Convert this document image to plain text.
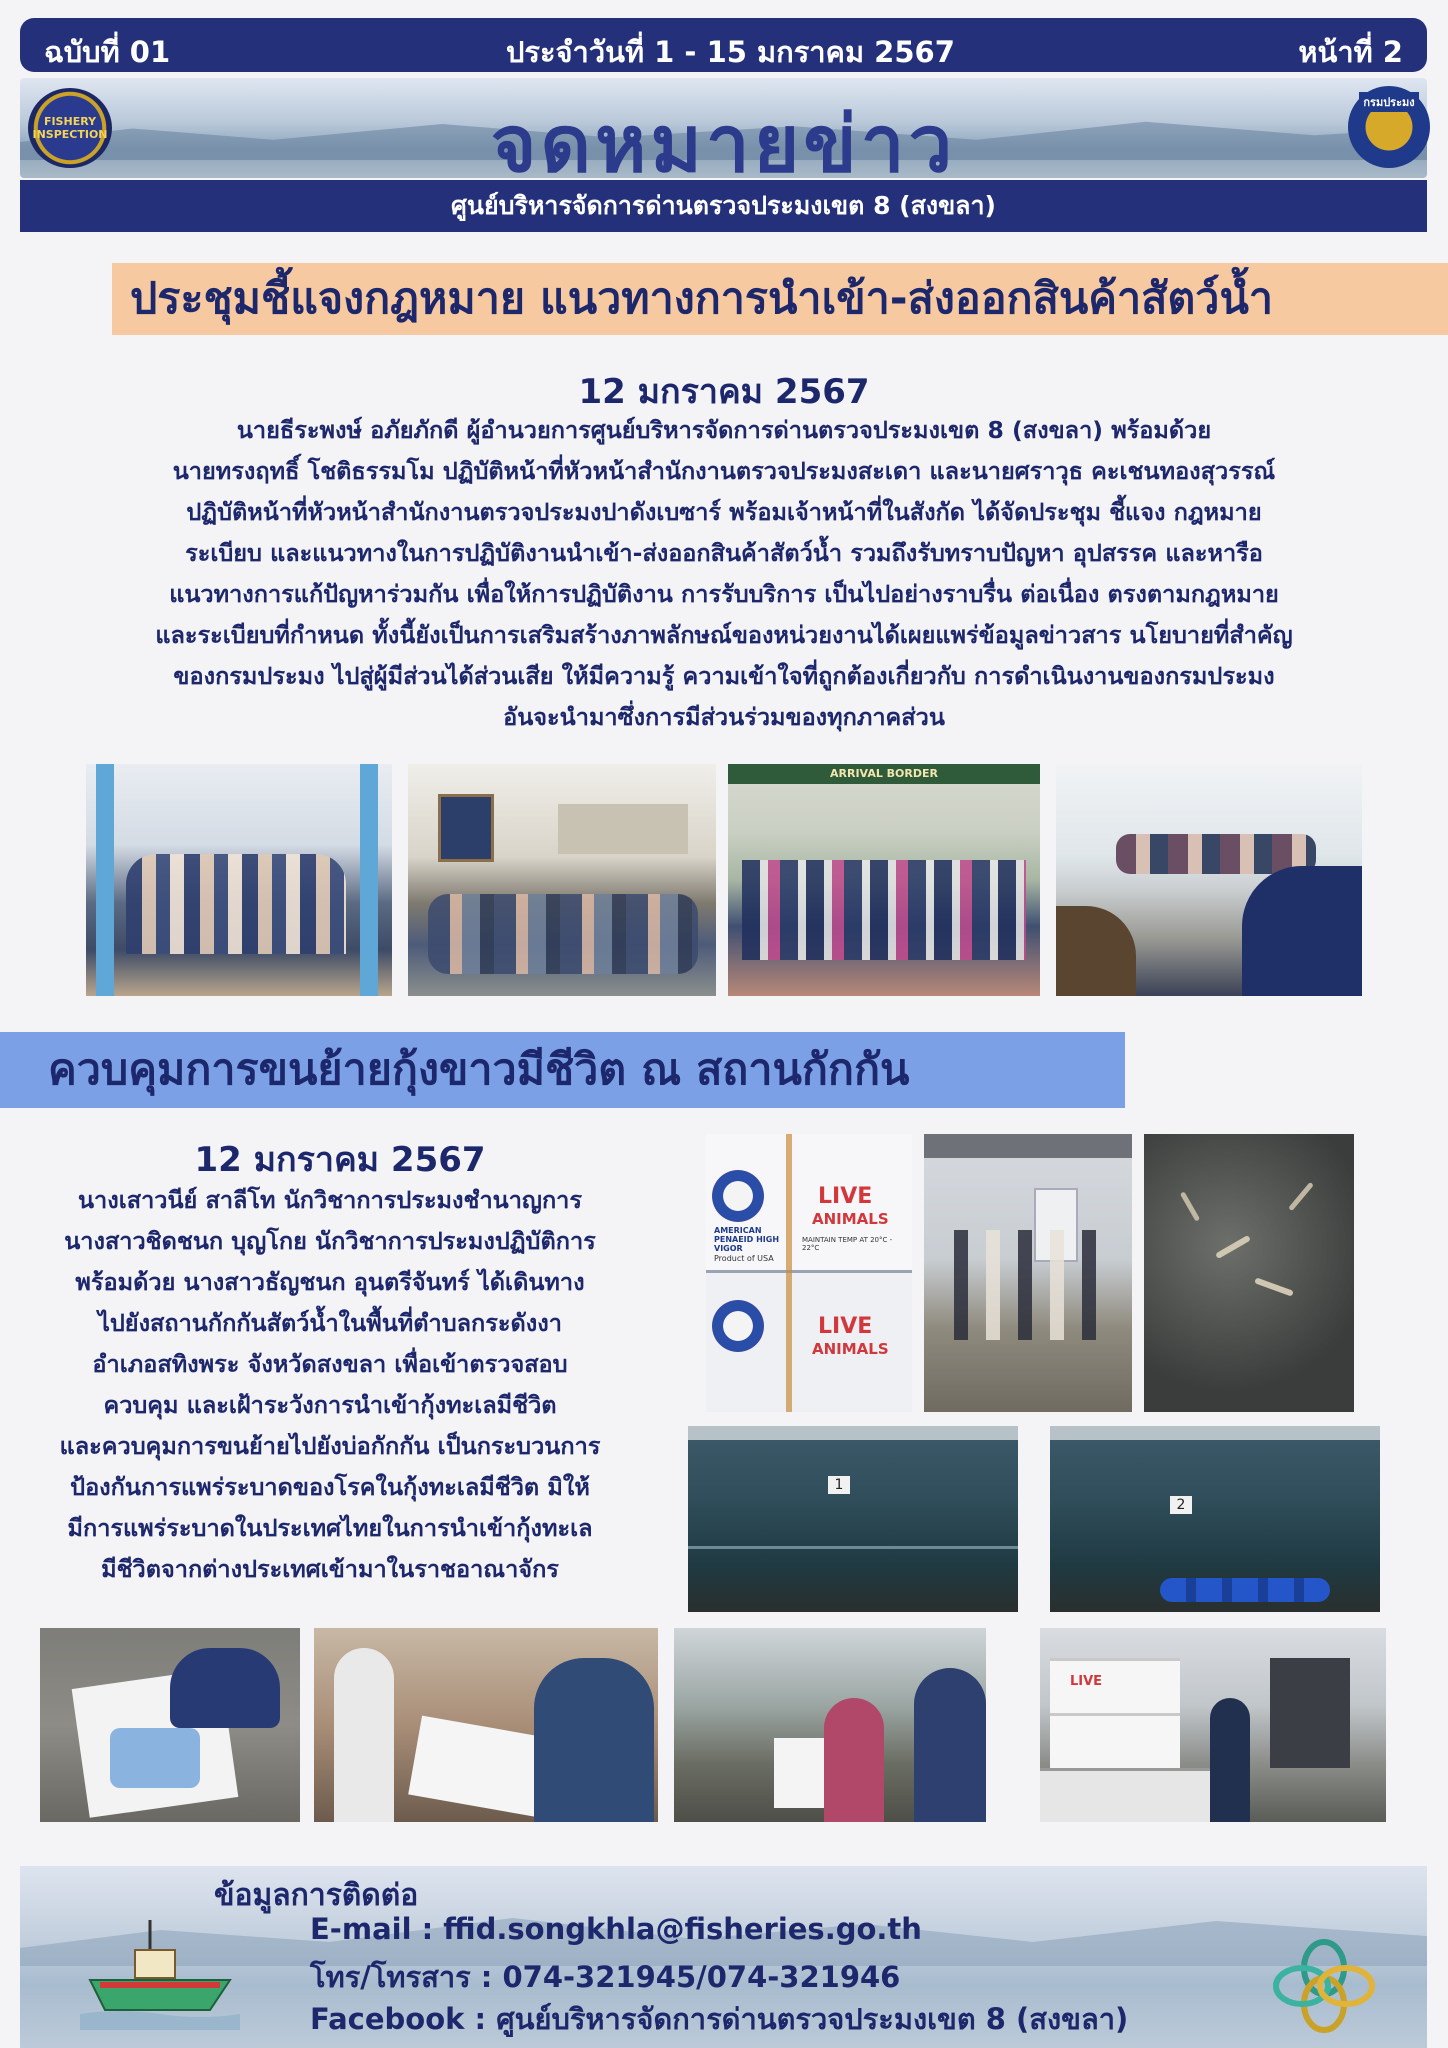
ฉบับที่ 01	ประจำวันที่ 1 - 15 มกราคม 2567	หน้าที่ 2
จดหมายข่าว
FISHERY INSPECTION
กรมประมง
ศูนย์บริหารจัดการด่านตรวจประมงเขต 8 (สงขลา)
ประชุมชี้แจงกฎหมาย แนวทางการนำเข้า-ส่งออกสินค้าสัตว์น้ำ
12 มกราคม 2567

นายธีระพงษ์ อภัยภักดี ผู้อำนวยการศูนย์บริหารจัดการด่านตรวจประมงเขต 8 (สงขลา) พร้อมด้วย

นายทรงฤทธิ์ โชติธรรมโม ปฏิบัติหน้าที่หัวหน้าสำนักงานตรวจประมงสะเดา และนายศราวุธ คะเชนทองสุวรรณ์

ปฏิบัติหน้าที่หัวหน้าสำนักงานตรวจประมงปาดังเบซาร์ พร้อมเจ้าหน้าที่ในสังกัด ได้จัดประชุม ชี้แจง กฎหมาย

ระเบียบ และแนวทางในการปฏิบัติงานนำเข้า-ส่งออกสินค้าสัตว์น้ำ รวมถึงรับทราบปัญหา อุปสรรค และหารือ

แนวทางการแก้ปัญหาร่วมกัน เพื่อให้การปฏิบัติงาน การรับบริการ เป็นไปอย่างราบรื่น ต่อเนื่อง ตรงตามกฎหมาย

และระเบียบที่กำหนด ทั้งนี้ยังเป็นการเสริมสร้างภาพลักษณ์ของหน่วยงานได้เผยแพร่ข้อมูลข่าวสาร นโยบายที่สำคัญ

ของกรมประมง ไปสู่ผู้มีส่วนได้ส่วนเสีย ให้มีความรู้ ความเข้าใจที่ถูกต้องเกี่ยวกับ การดำเนินงานของกรมประมง

อันจะนำมาซึ่งการมีส่วนร่วมของทุกภาคส่วน

ARRIVAL BORDER
ควบคุมการขนย้ายกุ้งขาวมีชีวิต ณ สถานกักกัน
12 มกราคม 2567

นางเสาวนีย์ สาลีโท นักวิชาการประมงชำนาญการ

นางสาวชิดชนก บุญโกย นักวิชาการประมงปฏิบัติการ

พร้อมด้วย นางสาวธัญชนก อุนตรีจันทร์ ได้เดินทาง

ไปยังสถานกักกันสัตว์น้ำในพื้นที่ตำบลกระดังงา

อำเภอสทิงพระ จังหวัดสงขลา เพื่อเข้าตรวจสอบ

ควบคุม และเฝ้าระวังการนำเข้ากุ้งทะเลมีชีวิต

และควบคุมการขนย้ายไปยังบ่อกักกัน เป็นกระบวนการ

ป้องกันการแพร่ระบาดของโรคในกุ้งทะเลมีชีวิต มิให้

มีการแพร่ระบาดในประเทศไทยในการนำเข้ากุ้งทะเล

มีชีวิตจากต่างประเทศเข้ามาในราชอาณาจักร

AMERICAN PENAEID HIGH VIGOR
Product of USA
LIVE
ANIMALS
MAINTAIN TEMP AT 20°C - 22°C
LIVE
ANIMALS
1
2
LIVE
ข้อมูลการติดต่อ
E-mail : ffid.songkhla@fisheries.go.th
โทร/โทรสาร : 074-321945/074-321946
Facebook : ศูนย์บริหารจัดการด่านตรวจประมงเขต 8 (สงขลา)
